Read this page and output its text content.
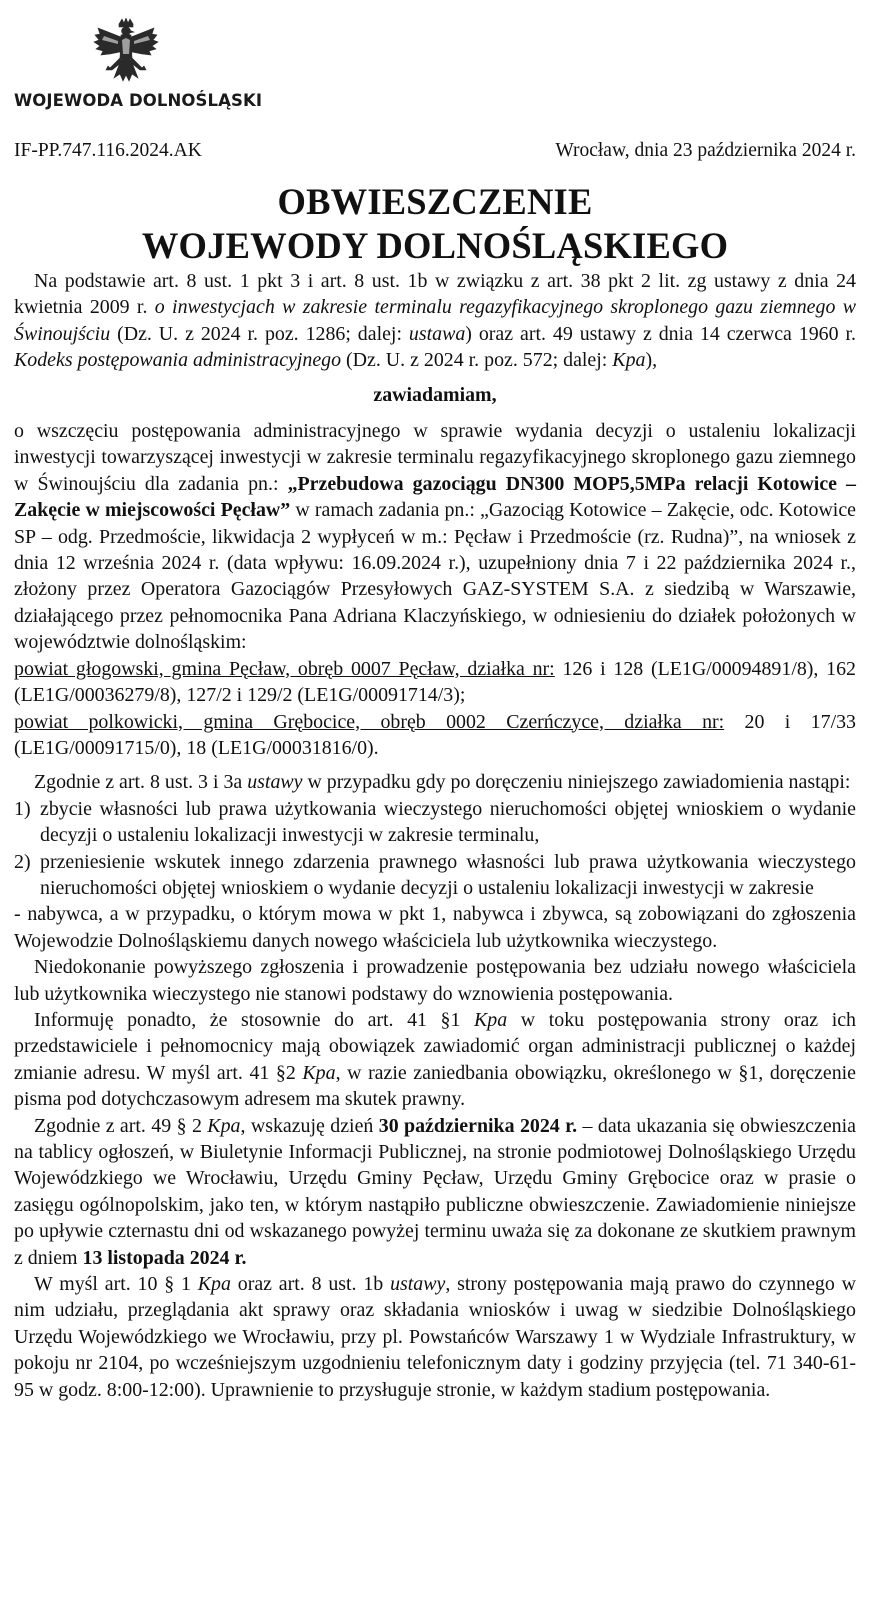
WOJEWODA DOLNOŚLĄSKI
IF-PP.747.116.2024.AK	Wrocław, dnia 23 października 2024 r.
OBWIESZCZENIE
WOJEWODY DOLNOŚLĄSKIEGO

Na podstawie art. 8 ust. 1 pkt 3 i art. 8 ust. 1b w związku z art. 38 pkt 2 lit. zg ustawy z dnia 24 kwietnia 2009 r. o inwestycjach w zakresie terminalu regazyfikacyjnego skroplonego gazu ziemnego w Świnoujściu (Dz. U. z 2024 r. poz. 1286; dalej: ustawa) oraz art. 49 ustawy z dnia 14 czerwca 1960 r. Kodeks postępowania administracyjnego (Dz. U. z 2024 r. poz. 572; dalej: Kpa),

zawiadamiam,

o wszczęciu postępowania administracyjnego w sprawie wydania decyzji o ustaleniu lokalizacji inwestycji towarzyszącej inwestycji w zakresie terminalu regazyfikacyjnego skroplonego gazu ziemnego w Świnoujściu dla zadania pn.: „Przebudowa gazociągu DN300 MOP5,5MPa relacji Kotowice – Zakęcie w miejscowości Pęcław” w ramach zadania pn.: „Gazociąg Kotowice – Zakęcie, odc. Kotowice SP – odg. Przedmoście, likwidacja 2 wypłyceń w m.: Pęcław i Przedmoście (rz. Rudna)”, na wniosek z dnia 12 września 2024 r. (data wpływu: 16.09.2024 r.), uzupełniony dnia 7 i 22 października 2024 r., złożony przez Operatora Gazociągów Przesyłowych GAZ-SYSTEM S.A. z siedzibą w Warszawie, działającego przez pełnomocnika Pana Adriana Klaczyńskiego, w odniesieniu do działek położonych w województwie dolnośląskim:

powiat głogowski, gmina Pęcław, obręb 0007 Pęcław, działka nr: 126 i 128 (LE1G/00094891/8), 162 (LE1G/00036279/8), 127/2 i 129/2 (LE1G/00091714/3);

powiat polkowicki, gmina Grębocice, obręb 0002 Czerńczyce, działka nr: 20 i 17/33 (LE1G/00091715/0), 18 (LE1G/00031816/0).

Zgodnie z art. 8 ust. 3 i 3a ustawy w przypadku gdy po doręczeniu niniejszego zawiadomienia nastąpi:

1) zbycie własności lub prawa użytkowania wieczystego nieruchomości objętej wnioskiem o wydanie decyzji o ustaleniu lokalizacji inwestycji w zakresie terminalu,
2) przeniesienie wskutek innego zdarzenia prawnego własności lub prawa użytkowania wieczystego nieruchomości objętej wnioskiem o wydanie decyzji o ustaleniu lokalizacji inwestycji w zakresie

- nabywca, a w przypadku, o którym mowa w pkt 1, nabywca i zbywca, są zobowiązani do zgłoszenia Wojewodzie Dolnośląskiemu danych nowego właściciela lub użytkownika wieczystego.

Niedokonanie powyższego zgłoszenia i prowadzenie postępowania bez udziału nowego właściciela lub użytkownika wieczystego nie stanowi podstawy do wznowienia postępowania.

Informuję ponadto, że stosownie do art. 41 §1 Kpa w toku postępowania strony oraz ich przedstawiciele i pełnomocnicy mają obowiązek zawiadomić organ administracji publicznej o każdej zmianie adresu. W myśl art. 41 §2 Kpa, w razie zaniedbania obowiązku, określonego w §1, doręczenie pisma pod dotychczasowym adresem ma skutek prawny.

Zgodnie z art. 49 § 2 Kpa, wskazuję dzień 30 października 2024 r. – data ukazania się obwieszczenia na tablicy ogłoszeń, w Biuletynie Informacji Publicznej, na stronie podmiotowej Dolnośląskiego Urzędu Wojewódzkiego we Wrocławiu, Urzędu Gminy Pęcław, Urzędu Gminy Grębocice oraz w prasie o zasięgu ogólnopolskim, jako ten, w którym nastąpiło publiczne obwieszczenie. Zawiadomienie niniejsze po upływie czternastu dni od wskazanego powyżej terminu uważa się za dokonane ze skutkiem prawnym z dniem 13 listopada 2024 r.

W myśl art. 10 § 1 Kpa oraz art. 8 ust. 1b ustawy, strony postępowania mają prawo do czynnego w nim udziału, przeglądania akt sprawy oraz składania wniosków i uwag w siedzibie Dolnośląskiego Urzędu Wojewódzkiego we Wrocławiu, przy pl. Powstańców Warszawy 1 w Wydziale Infrastruktury, w pokoju nr 2104, po wcześniejszym uzgodnieniu telefonicznym daty i godziny przyjęcia (tel. 71 340-61-95 w godz. 8:00-12:00). Uprawnienie to przysługuje stronie, w każdym stadium postępowania.
